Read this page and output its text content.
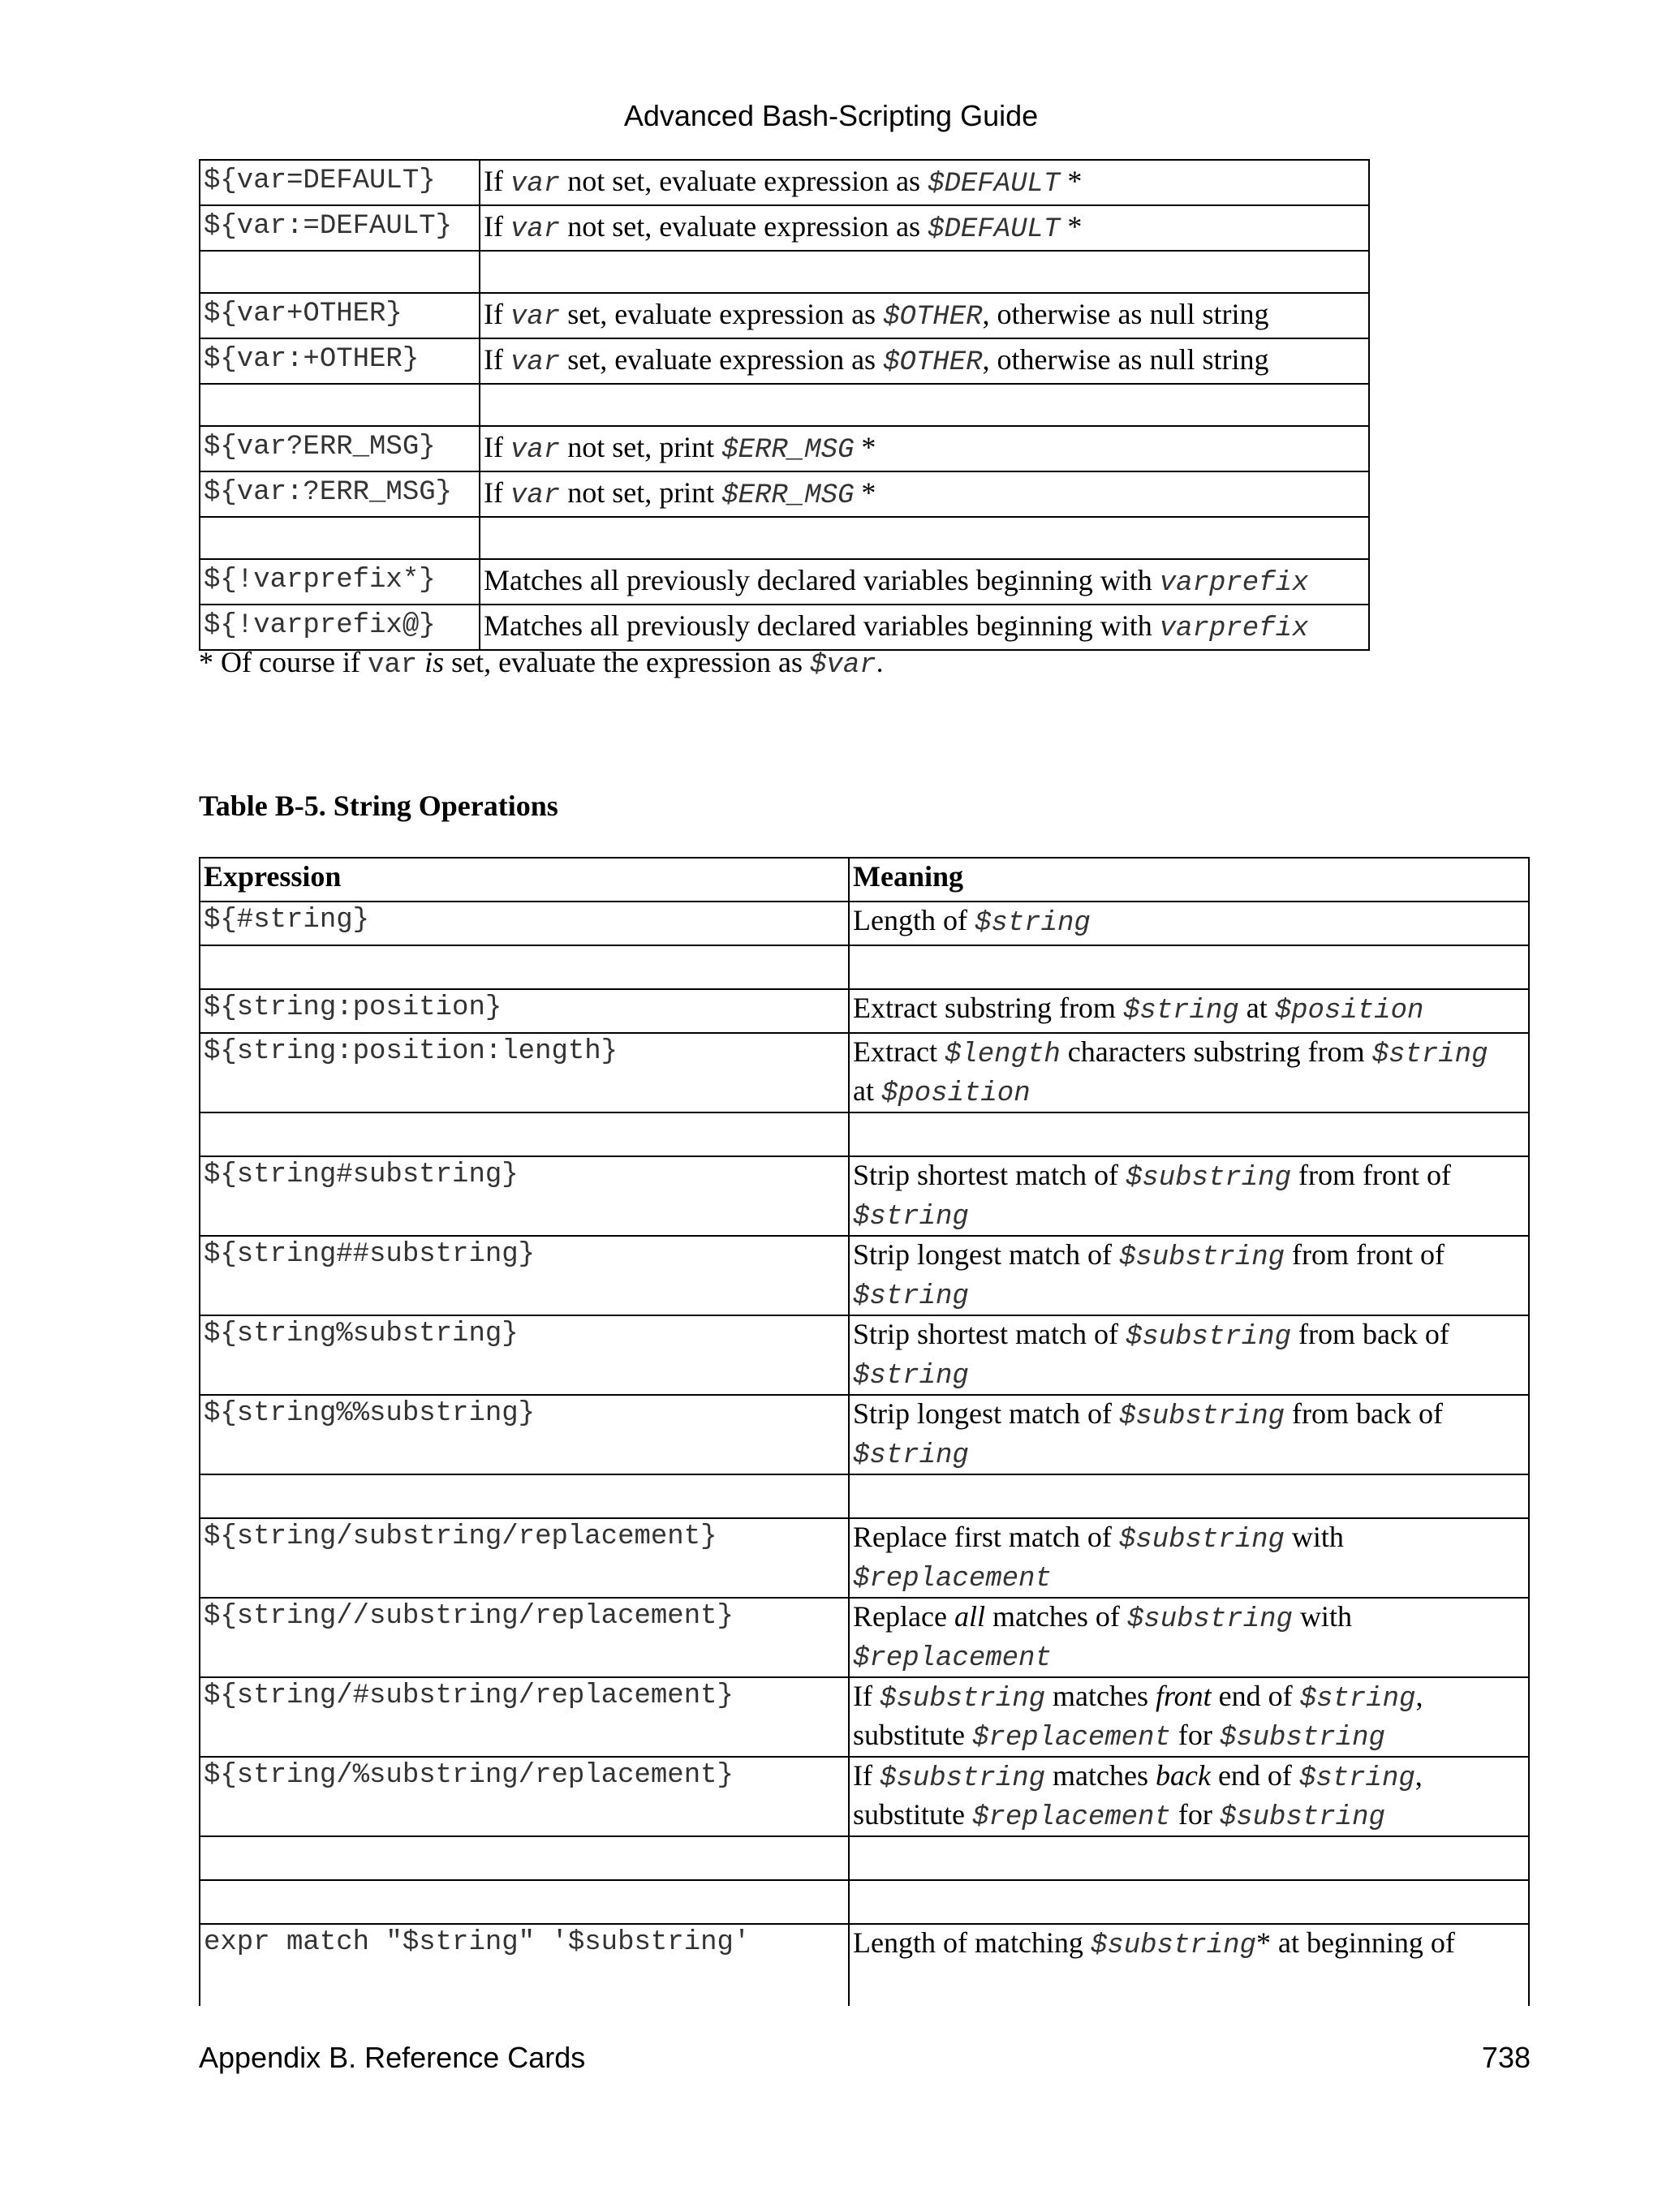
Advanced Bash-Scripting Guide
${var=DEFAULT}	If var not set, evaluate expression as $DEFAULT *
${var:=DEFAULT}	If var not set, evaluate expression as $DEFAULT *

${var+OTHER}	If var set, evaluate expression as $OTHER, otherwise as null string
${var:+OTHER}	If var set, evaluate expression as $OTHER, otherwise as null string

${var?ERR_MSG}	If var not set, print $ERR_MSG *
${var:?ERR_MSG}	If var not set, print $ERR_MSG *

${!varprefix*}	Matches all previously declared variables beginning with varprefix
${!varprefix@}	Matches all previously declared variables beginning with varprefix
* Of course if var is set, evaluate the expression as $var.
Table B-5. String Operations
Expression	Meaning
${#string}	Length of $string

${string:position}	Extract substring from $string at $position
${string:position:length}	Extract $length characters substring from $string
at $position

${string#substring}	Strip shortest match of $substring from front of
$string
${string##substring}	Strip longest match of $substring from front of
$string
${string%substring}	Strip shortest match of $substring from back of
$string
${string%%substring}	Strip longest match of $substring from back of
$string

${string/substring/replacement}	Replace first match of $substring with
$replacement
${string//substring/replacement}	Replace all matches of $substring with
$replacement
${string/#substring/replacement}	If $substring matches front end of $string,
substitute $replacement for $substring
${string/%substring/replacement}	If $substring matches back end of $string,
substitute $replacement for $substring

expr match "$string" '$substring'	Length of matching $substring* at beginning of
Appendix B. Reference Cards	738
